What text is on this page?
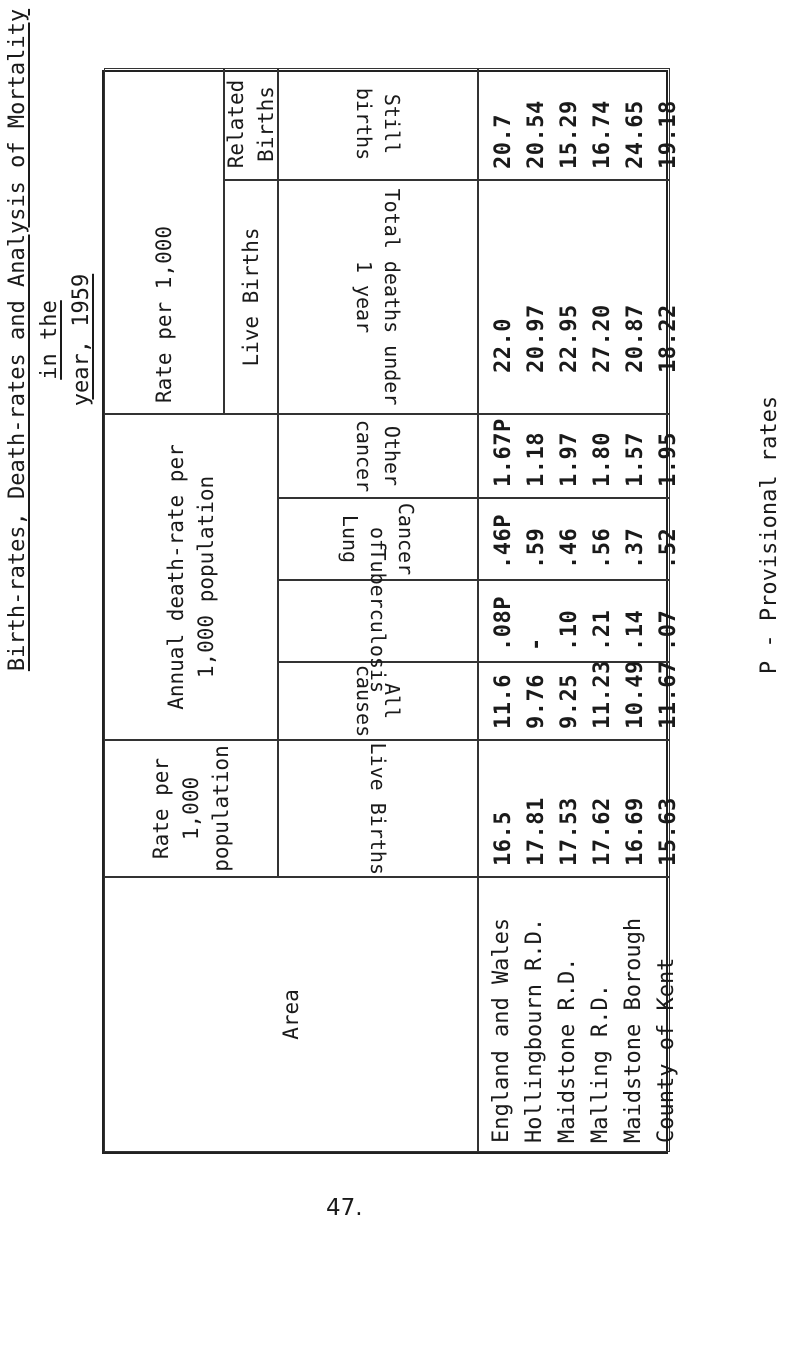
Birth-rates, Death-rates and Analysis of Mortality in the year, 1959
P - Provisional rates
Area
Rate per 1,000 population	Live Births
Annual death-rate per 1,000 population
All causes
Tuberculosis
Cancer of Lung
Other cancer
Rate per 1,000	Live Births
Related Births
Total deaths under 1 year
Still births
England and Wales Hollingbourn R.D. Maidstone R.D. Malling R.D. Maidstone Borough County of Kent
16.5 17.81 17.53 17.62 16.69 15.63
11.6 9.76 9.25 11.23 10.49 11.67
.08P - .10 .21 .14 .07
.46P .59 .46 .56 .37 .52
1.67P 1.18 1.97 1.80 1.57 1.95
22.0 20.97 22.95 27.20 20.87 18.22
20.7 20.54 15.29 16.74 24.65 19.18
47.
